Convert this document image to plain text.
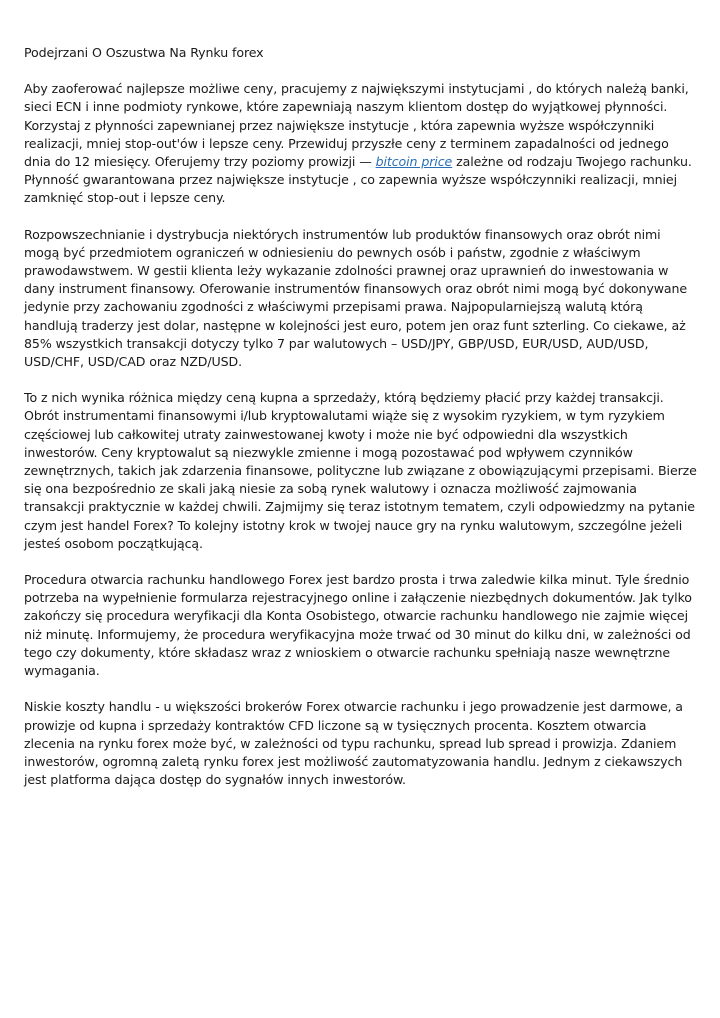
Podejrzani O Oszustwa Na Rynku forex

Aby zaoferować najlepsze możliwe ceny, pracujemy z największymi instytucjami , do których należą banki, sieci ECN i inne podmioty rynkowe, które zapewniają naszym klientom dostęp do wyjątkowej płynności. Korzystaj z płynności zapewnianej przez największe instytucje , która zapewnia wyższe współczynniki realizacji, mniej stop-out'ów i lepsze ceny. Przewiduj przyszłe ceny z terminem zapadalności od jednego dnia do 12 miesięcy. Oferujemy trzy poziomy prowizji — bitcoin price zależne od rodzaju Twojego rachunku. Płynność gwarantowana przez największe instytucje , co zapewnia wyższe współczynniki realizacji, mniej zamknięć stop-out i lepsze ceny.

Rozpowszechnianie i dystrybucja niektórych instrumentów lub produktów finansowych oraz obrót nimi mogą być przedmiotem ograniczeń w odniesieniu do pewnych osób i państw, zgodnie z właściwym prawodawstwem. W gestii klienta leży wykazanie zdolności prawnej oraz uprawnień do inwestowania w dany instrument finansowy. Oferowanie instrumentów finansowych oraz obrót nimi mogą być dokonywane jedynie przy zachowaniu zgodności z właściwymi przepisami prawa. Najpopularniejszą walutą którą handlują traderzy jest dolar, następne w kolejności jest euro, potem jen oraz funt szterling. Co ciekawe, aż 85% wszystkich transakcji dotyczy tylko 7 par walutowych – USD/JPY, GBP/USD, EUR/USD, AUD/USD, USD/CHF, USD/CAD oraz NZD/USD.

To z nich wynika różnica między ceną kupna a sprzedaży, którą będziemy płacić przy każdej transakcji. Obrót instrumentami finansowymi i/lub kryptowalutami wiąże się z wysokim ryzykiem, w tym ryzykiem częściowej lub całkowitej utraty zainwestowanej kwoty i może nie być odpowiedni dla wszystkich inwestorów. Ceny kryptowalut są niezwykle zmienne i mogą pozostawać pod wpływem czynników zewnętrznych, takich jak zdarzenia finansowe, polityczne lub związane z obowiązującymi przepisami. Bierze się ona bezpośrednio ze skali jaką niesie za sobą rynek walutowy i oznacza możliwość zajmowania transakcji praktycznie w każdej chwili. Zajmijmy się teraz istotnym tematem, czyli odpowiedzmy na pytanie czym jest handel Forex? To kolejny istotny krok w twojej nauce gry na rynku walutowym, szczególne jeżeli jesteś osobom początkującą.

Procedura otwarcia rachunku handlowego Forex jest bardzo prosta i trwa zaledwie kilka minut. Tyle średnio potrzeba na wypełnienie formularza rejestracyjnego online i załączenie niezbędnych dokumentów. Jak tylko zakończy się procedura weryfikacji dla Konta Osobistego, otwarcie rachunku handlowego nie zajmie więcej niż minutę. Informujemy, że procedura weryfikacyjna może trwać od 30 minut do kilku dni, w zależności od tego czy dokumenty, które składasz wraz z wnioskiem o otwarcie rachunku spełniają nasze wewnętrzne wymagania.

Niskie koszty handlu - u większości brokerów Forex otwarcie rachunku i jego prowadzenie jest darmowe, a prowizje od kupna i sprzedaży kontraktów CFD liczone są w tysięcznych procenta. Kosztem otwarcia zlecenia na rynku forex może być, w zależności od typu rachunku, spread lub spread i prowizja. Zdaniem inwestorów, ogromną zaletą rynku forex jest możliwość zautomatyzowania handlu. Jednym z ciekawszych jest platforma dająca dostęp do sygnałów innych inwestorów.
